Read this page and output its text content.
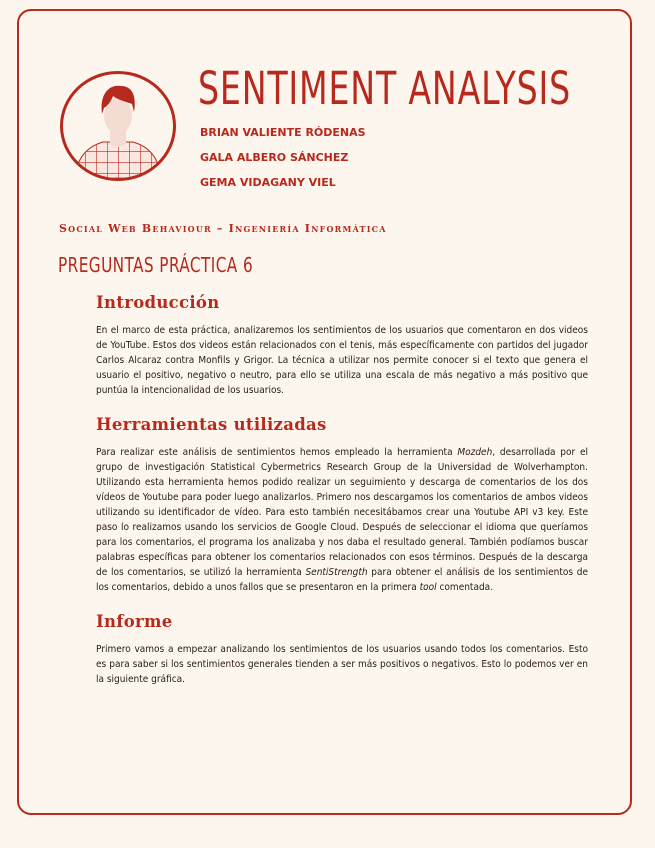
SENTIMENT ANALYSIS
BRIAN VALIENTE RÓDENAS
GALA ALBERO SÁNCHEZ
GEMA VIDAGANY VIEL

Social Web Behaviour – Ingeniería Informática

PREGUNTAS PRÁCTICA 6
Introducción

En el marco de esta práctica, analizaremos los sentimientos de los usuarios que comentaron en dos videos de YouTube. Estos dos videos están relacionados con el tenis, más específicamente con partidos del jugador Carlos Alcaraz contra Monfils y Grigor. La técnica a utilizar nos permite conocer si el texto que genera el usuario el positivo, negativo o neutro, para ello se utiliza una escala de más negativo a más positivo que puntúa la intencionalidad de los usuarios.

Herramientas utilizadas

Para realizar este análisis de sentimientos hemos empleado la herramienta Mozdeh, desarrollada por el grupo de investigación Statistical Cybermetrics Research Group de la Universidad de Wolverhampton. Utilizando esta herramienta hemos podido realizar un seguimiento y descarga de comentarios de los dos vídeos de Youtube para poder luego analizarlos. Primero nos descargamos los comentarios de ambos videos utilizando su identificador de vídeo. Para esto también necesitábamos crear una Youtube API v3 key. Este paso lo realizamos usando los servicios de Google Cloud. Después de seleccionar el idioma que queríamos para los comentarios, el programa los analizaba y nos daba el resultado general. También podíamos buscar palabras específicas para obtener los comentarios relacionados con esos términos. Después de la descarga de los comentarios, se utilizó la herramienta SentiStrength para obtener el análisis de los sentimientos de los comentarios, debido a unos fallos que se presentaron en la primera tool comentada.

Informe

Primero vamos a empezar analizando los sentimientos de los usuarios usando todos los comentarios. Esto es para saber si los sentimientos generales tienden a ser más positivos o negativos. Esto lo podemos ver en la siguiente gráfica.
